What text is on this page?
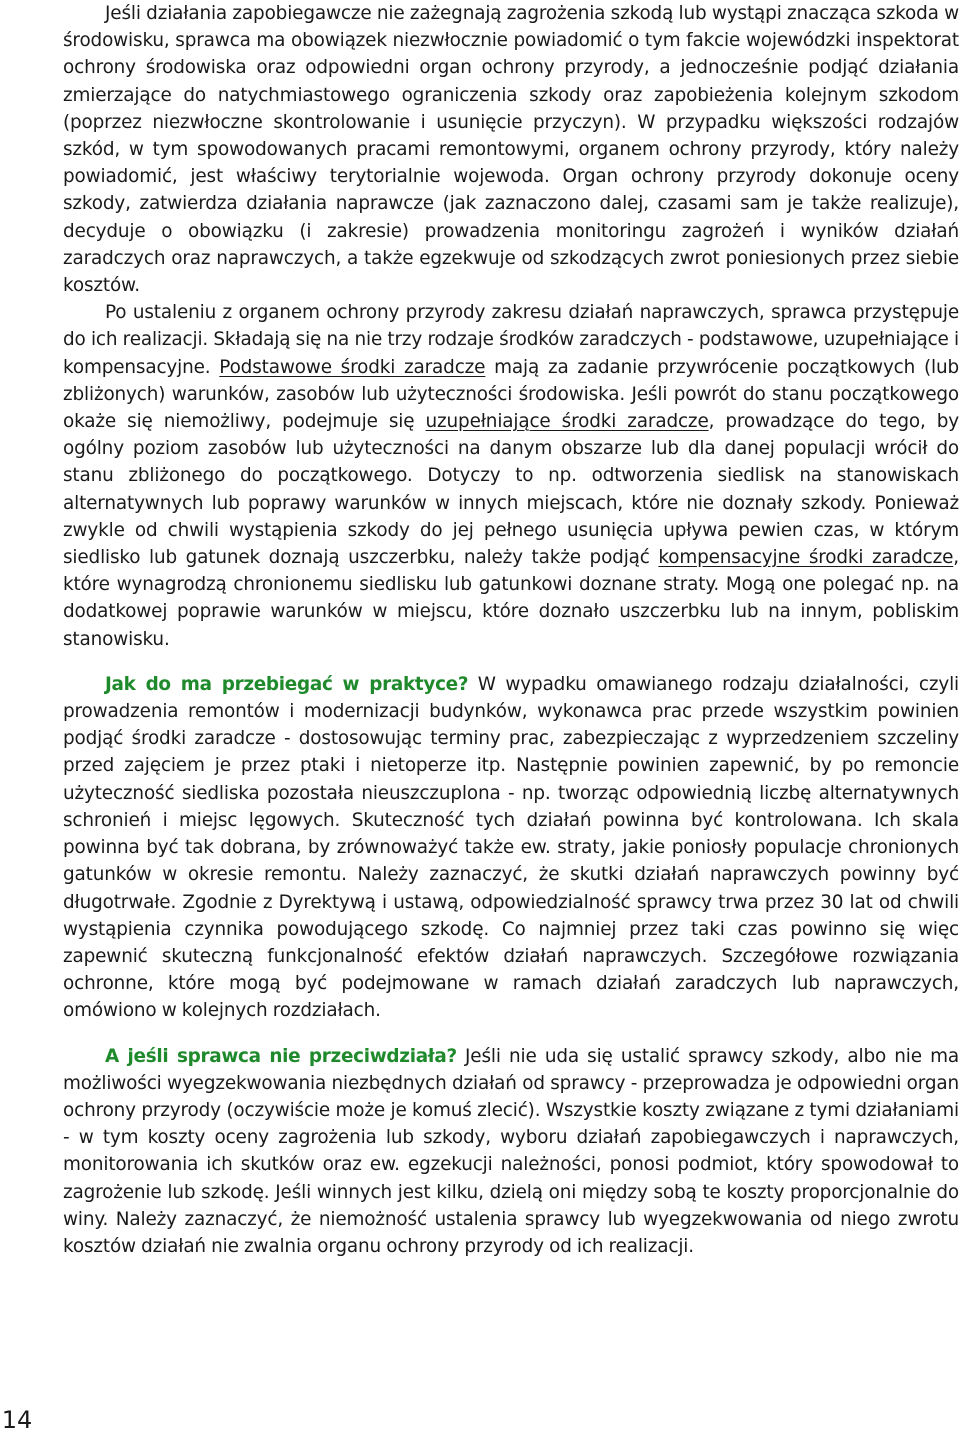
Jeśli działania zapobiegawcze nie zażegnają zagrożenia szkodą lub wystąpi znacząca szkoda w środowisku, sprawca ma obowiązek niezwłocznie powiadomić o tym fakcie wojewódzki inspektorat ochrony środowiska oraz odpowiedni organ ochrony przyrody, a jednocześnie podjąć działania zmierzające do natychmiastowego ograniczenia szkody oraz zapobieżenia kolejnym szkodom (poprzez niezwłoczne skontrolowanie i usunięcie przyczyn). W przypadku większości rodzajów szkód, w tym spowodowanych pracami remontowymi, organem ochrony przyrody, który należy powiadomić, jest właściwy terytorialnie wojewoda. Organ ochrony przyrody dokonuje oceny szkody, zatwierdza działania naprawcze (jak zaznaczono dalej, czasami sam je także realizuje), decyduje o obowiązku (i zakresie) prowadzenia monitoringu zagrożeń i wyników działań zaradczych oraz naprawczych, a także egzekwuje od szkodzących zwrot poniesionych przez siebie kosztów.

Po ustaleniu z organem ochrony przyrody zakresu działań naprawczych, sprawca przystępuje do ich realizacji. Składają się na nie trzy rodzaje środków zaradczych - podstawowe, uzupełniające i kompensacyjne. Podstawowe środki zaradcze mają za zadanie przywrócenie początkowych (lub zbliżonych) warunków, zasobów lub użyteczności środowiska. Jeśli powrót do stanu początkowego okaże się niemożliwy, podejmuje się uzupełniające środki zaradcze, prowadzące do tego, by ogólny poziom zasobów lub użyteczności na danym obszarze lub dla danej populacji wrócił do stanu zbliżonego do początkowego. Dotyczy to np. odtworzenia siedlisk na stanowiskach alternatywnych lub poprawy warunków w innych miejscach, które nie doznały szkody. Ponieważ zwykle od chwili wystąpienia szkody do jej pełnego usunięcia upływa pewien czas, w którym siedlisko lub gatunek doznają uszczerbku, należy także podjąć kompensacyjne środki zaradcze, które wynagrodzą chronionemu siedlisku lub gatunkowi doznane straty. Mogą one polegać np. na dodatkowej poprawie warunków w miejscu, które doznało uszczerbku lub na innym, pobliskim stanowisku.

Jak do ma przebiegać w praktyce? W wypadku omawianego rodzaju działalności, czyli prowadzenia remontów i modernizacji budynków, wykonawca prac przede wszystkim powinien podjąć środki zaradcze - dostosowując terminy prac, zabezpieczając z wyprzedzeniem szczeliny przed zajęciem je przez ptaki i nietoperze itp. Następnie powinien zapewnić, by po remoncie użyteczność siedliska pozostała nieuszczuplona - np. tworząc odpowiednią liczbę alternatywnych schronień i miejsc lęgowych. Skuteczność tych działań powinna być kontrolowana. Ich skala powinna być tak dobrana, by zrównoważyć także ew. straty, jakie poniosły populacje chronionych gatunków w okresie remontu. Należy zaznaczyć, że skutki działań naprawczych powinny być długotrwałe. Zgodnie z Dyrektywą i ustawą, odpowiedzialność sprawcy trwa przez 30 lat od chwili wystąpienia czynnika powodującego szkodę. Co najmniej przez taki czas powinno się więc zapewnić skuteczną funkcjonalność efektów działań naprawczych. Szczegółowe rozwiązania ochronne, które mogą być podejmowane w ramach działań zaradczych lub naprawczych, omówiono w kolejnych rozdziałach.

A jeśli sprawca nie przeciwdziała? Jeśli nie uda się ustalić sprawcy szkody, albo nie ma możliwości wyegzekwowania niezbędnych działań od sprawcy - przeprowadza je odpowiedni organ ochrony przyrody (oczywiście może je komuś zlecić). Wszystkie koszty związane z tymi działaniami - w tym koszty oceny zagrożenia lub szkody, wyboru działań zapobiegawczych i naprawczych, monitorowania ich skutków oraz ew. egzekucji należności, ponosi podmiot, który spowodował to zagrożenie lub szkodę. Jeśli winnych jest kilku, dzielą oni między sobą te koszty proporcjonalnie do winy. Należy zaznaczyć, że niemożność ustalenia sprawcy lub wyegzekwowania od niego zwrotu kosztów działań nie zwalnia organu ochrony przyrody od ich realizacji.

14
